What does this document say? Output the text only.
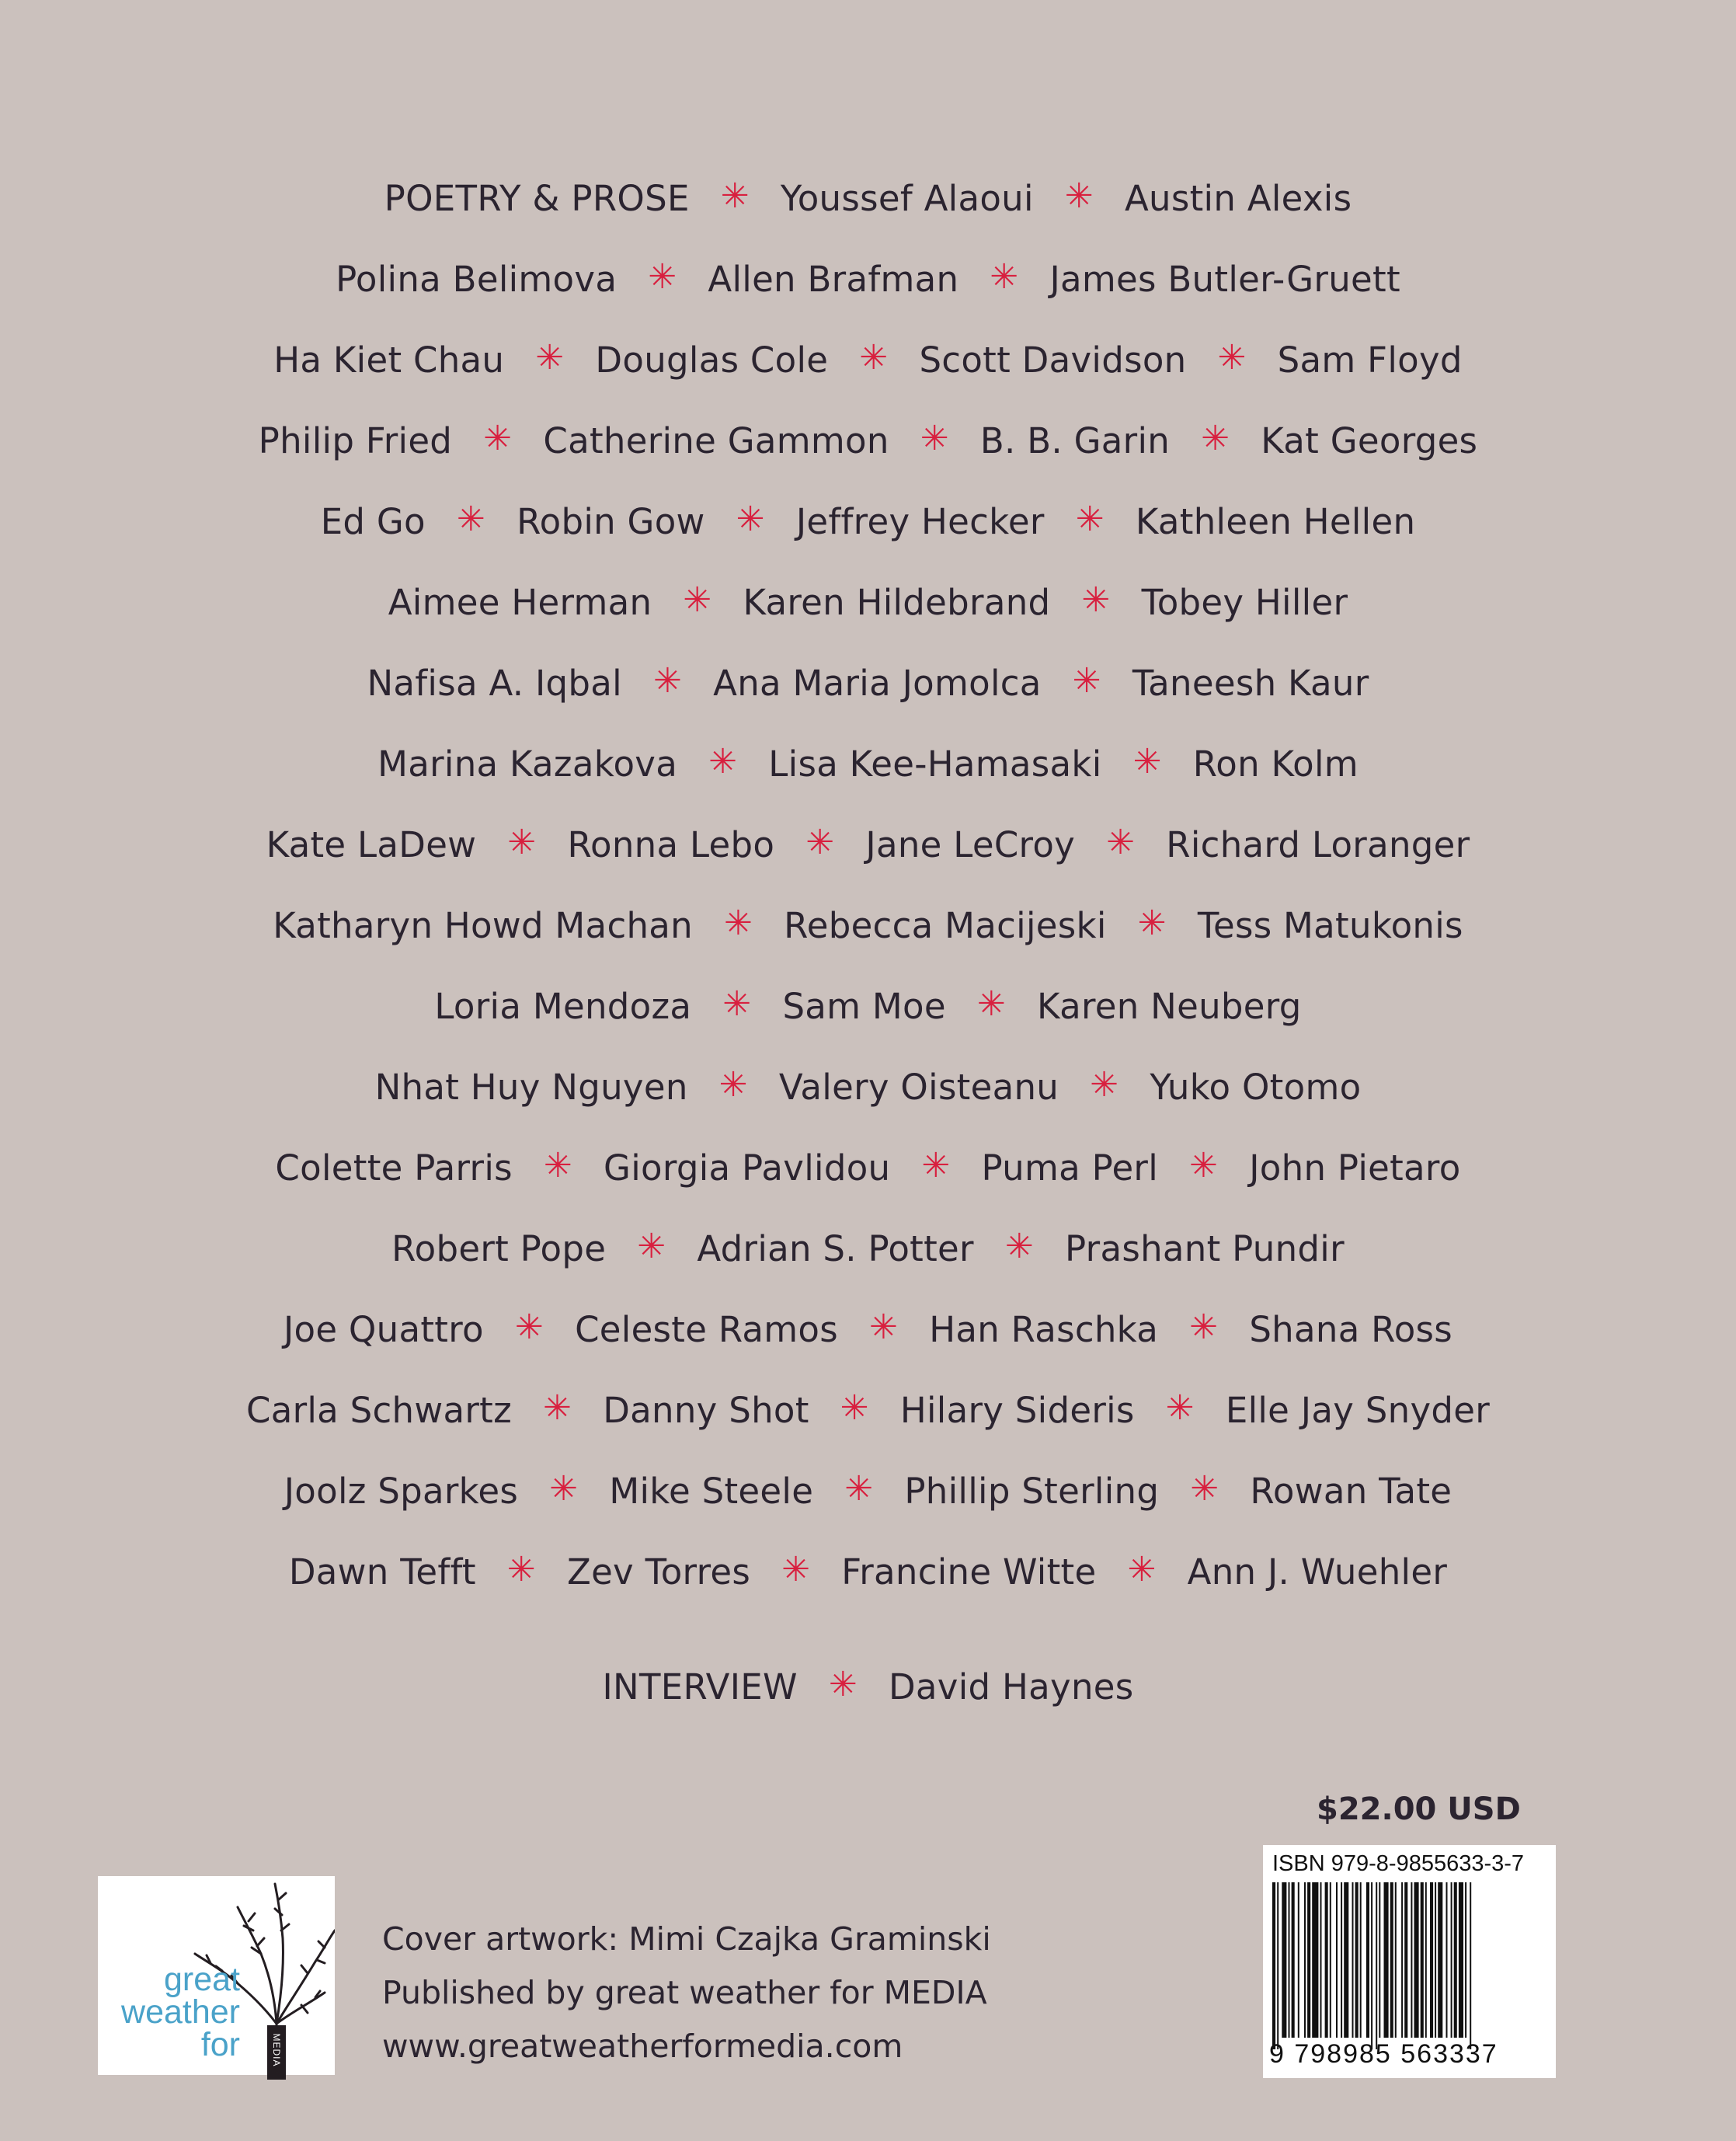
POETRY & PROSE ✳ Youssef Alaoui ✳ Austin Alexis
Polina Belimova ✳ Allen Brafman ✳ James Butler-Gruett
Ha Kiet Chau ✳ Douglas Cole ✳ Scott Davidson ✳ Sam Floyd
Philip Fried ✳ Catherine Gammon ✳ B. B. Garin ✳ Kat Georges
Ed Go ✳ Robin Gow ✳ Jeffrey Hecker ✳ Kathleen Hellen
Aimee Herman ✳ Karen Hildebrand ✳ Tobey Hiller
Nafisa A. Iqbal ✳ Ana Maria Jomolca ✳ Taneesh Kaur
Marina Kazakova ✳ Lisa Kee-Hamasaki ✳ Ron Kolm
Kate LaDew ✳ Ronna Lebo ✳ Jane LeCroy ✳ Richard Loranger
Katharyn Howd Machan ✳ Rebecca Macijeski ✳ Tess Matukonis
Loria Mendoza ✳ Sam Moe ✳ Karen Neuberg
Nhat Huy Nguyen ✳ Valery Oisteanu ✳ Yuko Otomo
Colette Parris ✳ Giorgia Pavlidou ✳ Puma Perl ✳ John Pietaro
Robert Pope ✳ Adrian S. Potter ✳ Prashant Pundir
Joe Quattro ✳ Celeste Ramos ✳ Han Raschka ✳ Shana Ross
Carla Schwartz ✳ Danny Shot ✳ Hilary Sideris ✳ Elle Jay Snyder
Joolz Sparkes ✳ Mike Steele ✳ Phillip Sterling ✳ Rowan Tate
Dawn Tefft ✳ Zev Torres ✳ Francine Witte ✳ Ann J. Wuehler
INTERVIEW ✳ David Haynes
$22.00 USD
great
weather
for	MEDIA
Cover artwork: Mimi Czajka Graminski
Published by great weather for MEDIA
www.greatweatherformedia.com
ISBN 979-8-9855633-3-7
9 798985 563337
